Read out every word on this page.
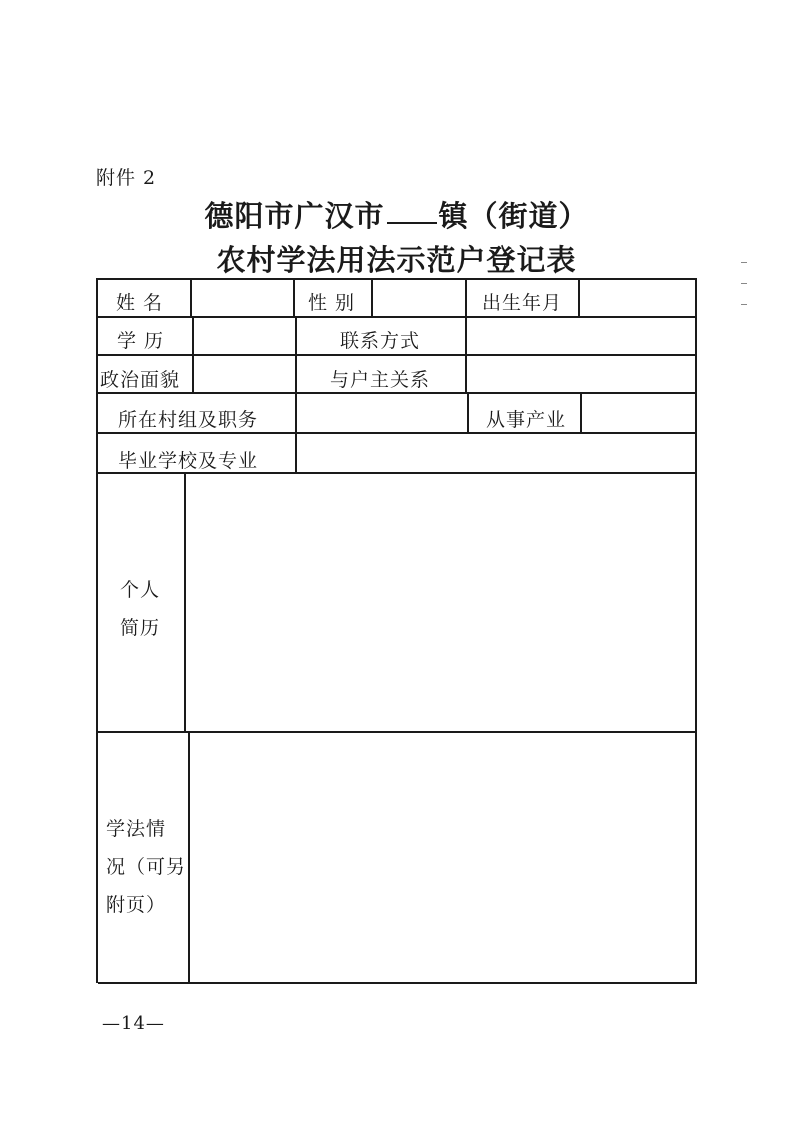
附件 2
德阳市广汉市 镇（街道）
农村学法用法示范户登记表
姓 名	性 别	出生年月
学 历	联系方式
政治面貌	与户主关系
所在村组及职务	从事产业
毕业学校及专业
个人
简历
学法情
况（可另
附页）
—14—
